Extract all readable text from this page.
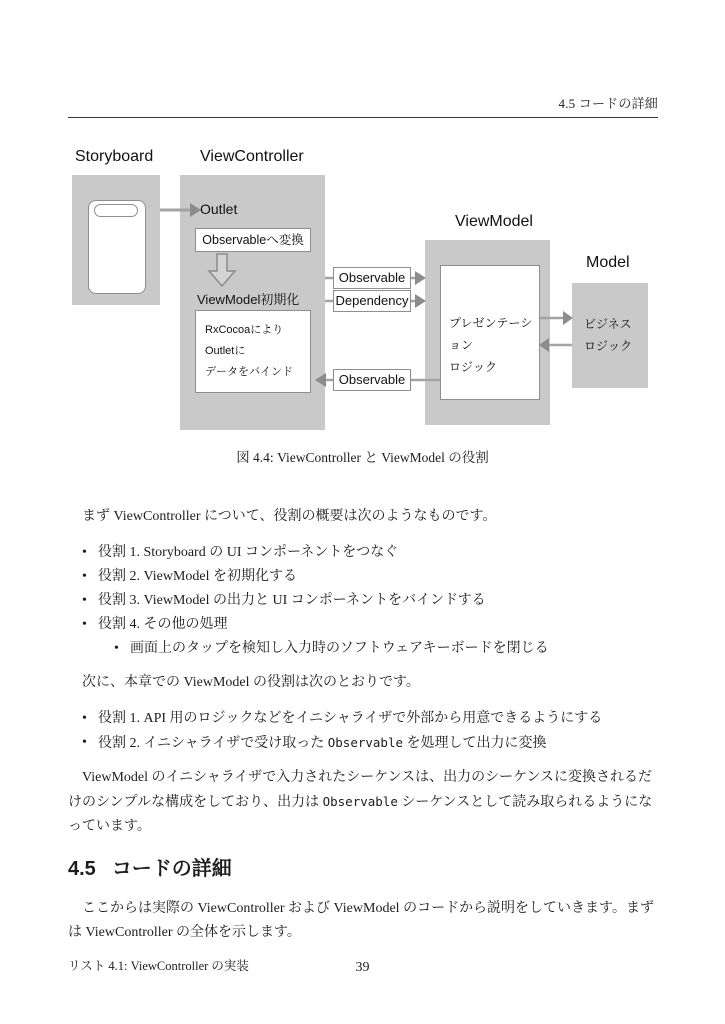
4.5 コードの詳細
Storyboard	ViewController
ViewModel
Model
Outlet
Observableへ変換
ViewModel初期化
RxCocoaにより
Outletに
データをバインド
Observable
Dependency
Observable
プレゼンテーション
ロジック
ビジネス
ロジック
図 4.4: ViewController と ViewModel の役割

　まず ViewController について、役割の概要は次のようなものです。

• 役割 1. Storyboard の UI コンポーネントをつなぐ
• 役割 2. ViewModel を初期化する
• 役割 3. ViewModel の出力と UI コンポーネントをバインドする
• 役割 4. その他の処理
• 画面上のタップを検知し入力時のソフトウェアキーボードを閉じる

　次に、本章での ViewModel の役割は次のとおりです。

• 役割 1. API 用のロジックなどをイニシャライザで外部から用意できるようにする
• 役割 2. イニシャライザで受け取った Observable を処理して出力に変換

　ViewModel のイニシャライザで入力されたシーケンスは、出力のシーケンスに変換されるだけのシンプルな構成をしており、出力は Observable シーケンスとして読み取られるようになっています。

4.5 コードの詳細

　ここからは実際の ViewController および ViewModel のコードから説明をしていきます。まずは ViewController の全体を示します。

リスト 4.1: ViewController の実装	39
